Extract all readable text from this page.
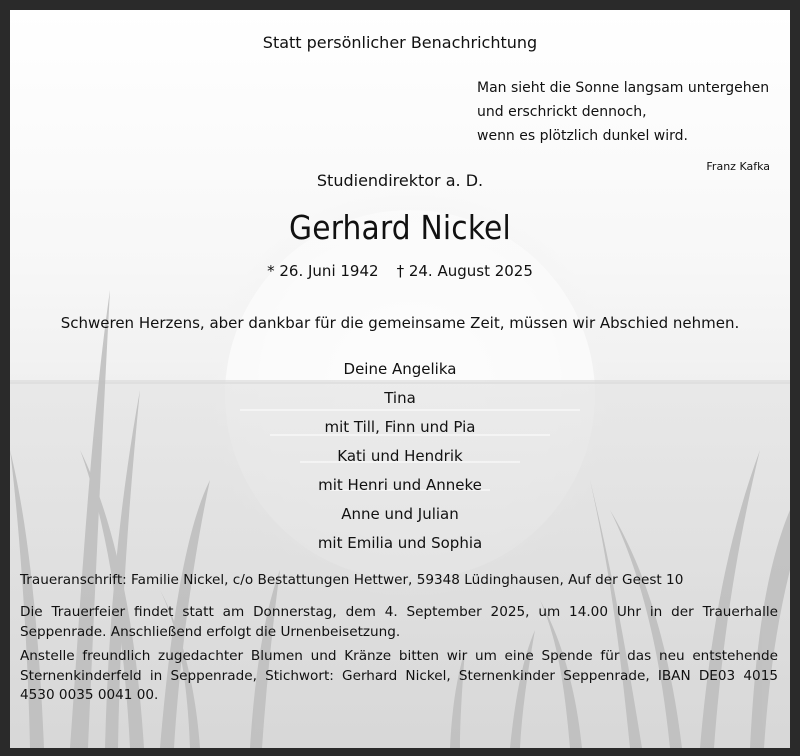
Statt persönlicher Benachrichtung
Man sieht die Sonne langsam untergehen
und erschrickt dennoch,
wenn es plötzlich dunkel wird.
Franz Kafka
Studiendirektor a. D.
Gerhard Nickel
* 26. Juni 1942 † 24. August 2025
Schweren Herzens, aber dankbar für die gemeinsame Zeit, müssen wir Abschied nehmen.
Deine Angelika
Tina
mit Till, Finn und Pia
Kati und Hendrik
mit Henri und Anneke
Anne und Julian
mit Emilia und Sophia
Traueranschrift: Familie Nickel, c/o Bestattungen Hettwer, 59348 Lüdinghausen, Auf der Geest 10

Die Trauerfeier findet statt am Donnerstag, dem 4. September 2025, um 14.00 Uhr in der Trauerhalle Seppenrade. Anschließend erfolgt die Urnenbeisetzung.

Anstelle freundlich zugedachter Blumen und Kränze bitten wir um eine Spende für das neu entstehende Sternenkinderfeld in Seppenrade, Stichwort: Gerhard Nickel, Sternenkinder Seppenrade, IBAN DE03 4015 4530 0035 0041 00.
